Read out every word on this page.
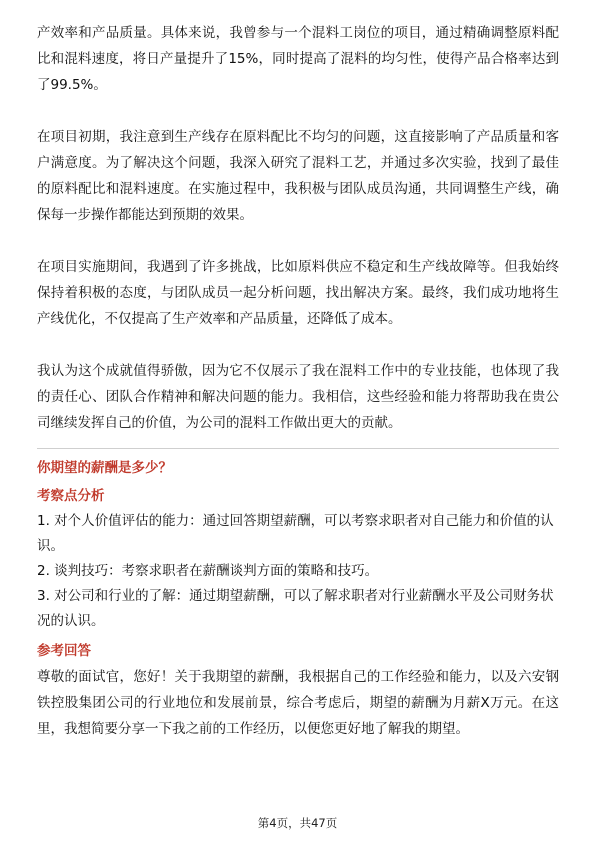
产效率和产品质量。具体来说，我曾参与一个混料工岗位的项目，通过精确调整原料配比和混料速度，将日产量提升了15%，同时提高了混料的均匀性，使得产品合格率达到了99.5%。

在项目初期，我注意到生产线存在原料配比不均匀的问题，这直接影响了产品质量和客户满意度。为了解决这个问题，我深入研究了混料工艺，并通过多次实验，找到了最佳的原料配比和混料速度。在实施过程中，我积极与团队成员沟通，共同调整生产线，确保每一步操作都能达到预期的效果。

在项目实施期间，我遇到了许多挑战，比如原料供应不稳定和生产线故障等。但我始终保持着积极的态度，与团队成员一起分析问题，找出解决方案。最终，我们成功地将生产线优化，不仅提高了生产效率和产品质量，还降低了成本。

我认为这个成就值得骄傲，因为它不仅展示了我在混料工作中的专业技能，也体现了我的责任心、团队合作精神和解决问题的能力。我相信，这些经验和能力将帮助我在贵公司继续发挥自己的价值，为公司的混料工作做出更大的贡献。

你期望的薪酬是多少？

考察点分析

1. 对个人价值评估的能力：通过回答期望薪酬，可以考察求职者对自己能力和价值的认识。

2. 谈判技巧：考察求职者在薪酬谈判方面的策略和技巧。

3. 对公司和行业的了解：通过期望薪酬，可以了解求职者对行业薪酬水平及公司财务状况的认识。

参考回答

尊敬的面试官，您好！关于我期望的薪酬，我根据自己的工作经验和能力，以及六安钢铁控股集团公司的行业地位和发展前景，综合考虑后，期望的薪酬为月薪X万元。在这里，我想简要分享一下我之前的工作经历，以便您更好地了解我的期望。

第4页，共47页
